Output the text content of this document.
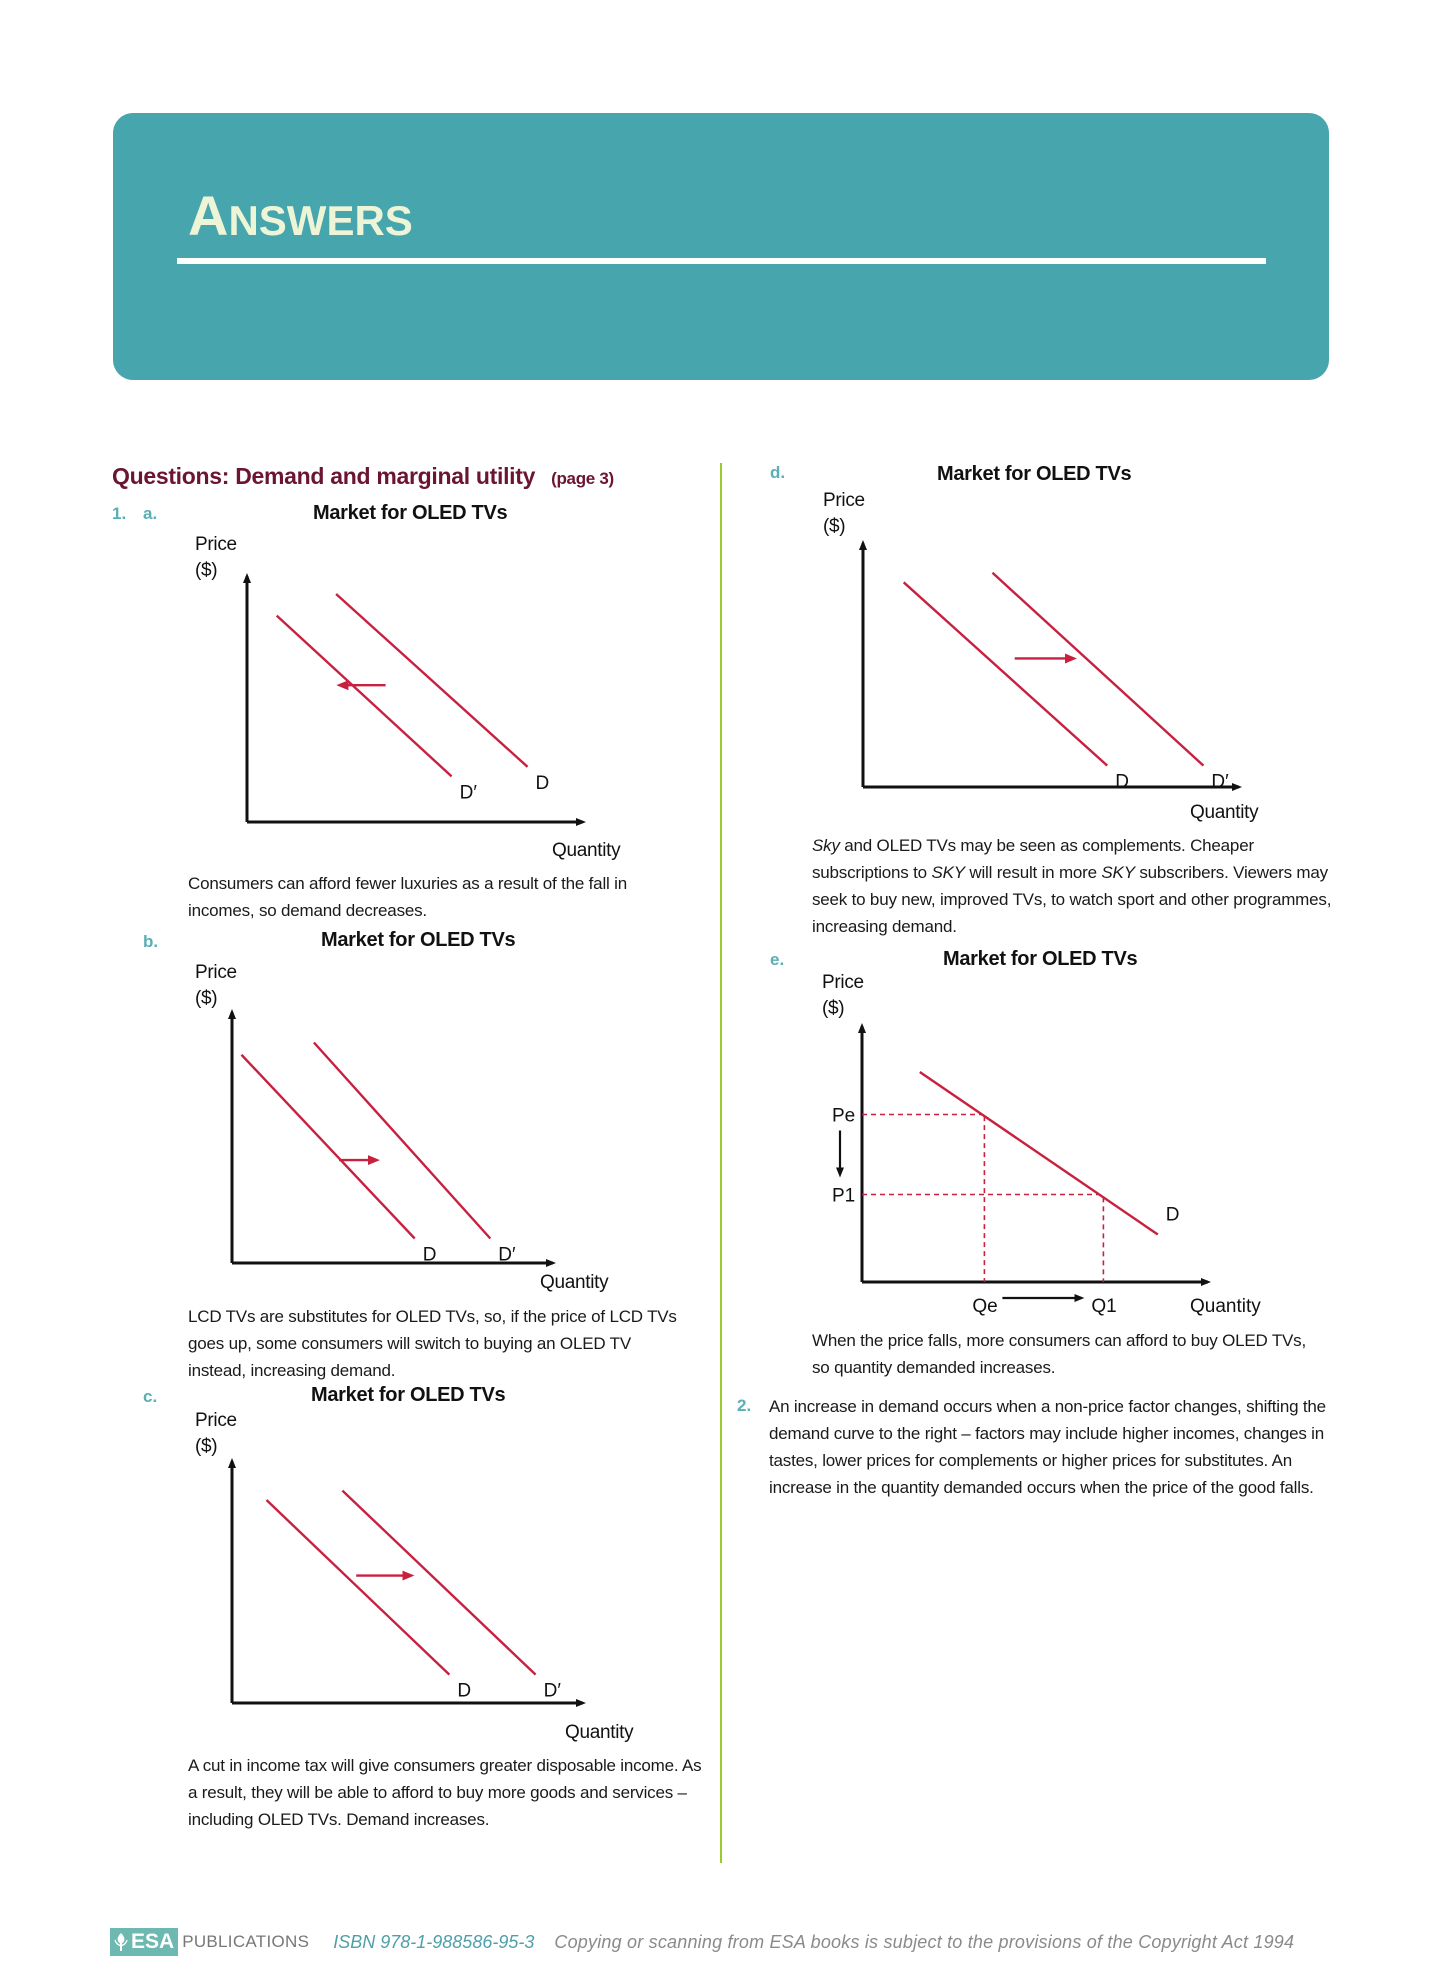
ANSWERS
Questions: Demand and marginal utility (page 3)
1. a.
b.
c.
Market for OLED TVs
Price
($)
Quantity
D′	D
Consumers can afford fewer luxuries as a result of the fall in incomes, so demand decreases.
Market for OLED TVs
Price
($)
Quantity
D	D′
LCD TVs are substitutes for OLED TVs, so, if the price of LCD TVs goes up, some consumers will switch to buying an OLED TV instead, increasing demand.
Market for OLED TVs
Price
($)
Quantity
D	D′
A cut in income tax will give consumers greater disposable income. As a result, they will be able to afford to buy more goods and services – including OLED TVs. Demand increases.
d.	Market for OLED TVs
Price
($)
Quantity
D	D′
Sky and OLED TVs may be seen as complements. Cheaper subscriptions to SKY will result in more SKY subscribers. Viewers may seek to buy new, improved TVs, to watch sport and other programmes, increasing demand.
e.	Market for OLED TVs
Price
($)
Pe
P1
Qe	Q1	Quantity
D
When the price falls, more consumers can afford to buy OLED TVs, so quantity demanded increases.
2. An increase in demand occurs when a non-price factor changes, shifting the demand curve to the right – factors may include higher incomes, changes in tastes, lower prices for complements or higher prices for substitutes. An increase in the quantity demanded occurs when the price of the good falls.
ESA PUBLICATIONS ISBN 978-1-988586-95-3 Copying or scanning from ESA books is subject to the provisions of the Copyright Act 1994
